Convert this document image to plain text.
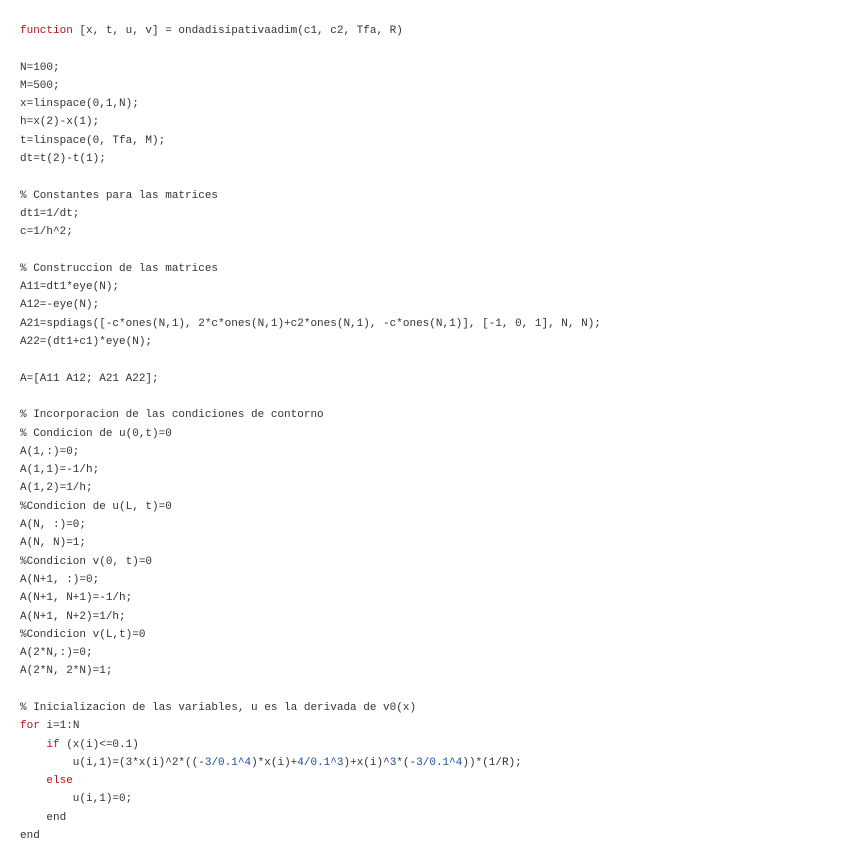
function [x, t, u, v] = ondadisipativaadim(c1, c2, Tfa, R)
N=100;
M=500;
x=linspace(0,1,N);
h=x(2)-x(1);
t=linspace(0, Tfa, M);
dt=t(2)-t(1);
% Constantes para las matrices
dt1=1/dt;
c=1/h^2;
% Construccion de las matrices
A11=dt1*eye(N);
A12=-eye(N);
A21=spdiags([-c*ones(N,1), 2*c*ones(N,1)+c2*ones(N,1), -c*ones(N,1)], [-1, 0, 1], N, N);
A22=(dt1+c1)*eye(N);
A=[A11 A12; A21 A22];
% Incorporacion de las condiciones de contorno
% Condicion de u(0,t)=0
A(1,:)=0;
A(1,1)=-1/h;
A(1,2)=1/h;
%Condicion de u(L, t)=0
A(N, :)=0;
A(N, N)=1;
%Condicion v(0, t)=0
A(N+1, :)=0;
A(N+1, N+1)=-1/h;
A(N+1, N+2)=1/h;
%Condicion v(L,t)=0
A(2*N,:)=0;
A(2*N, 2*N)=1;
% Inicializacion de las variables, u es la derivada de v0(x)
for i=1:N
if (x(i)<=0.1)
u(i,1)=(3*x(i)^2*((-3/0.1^4)*x(i)+4/0.1^3)+x(i)^3*(-3/0.1^4))*(1/R);
else
u(i,1)=0;
end
end
